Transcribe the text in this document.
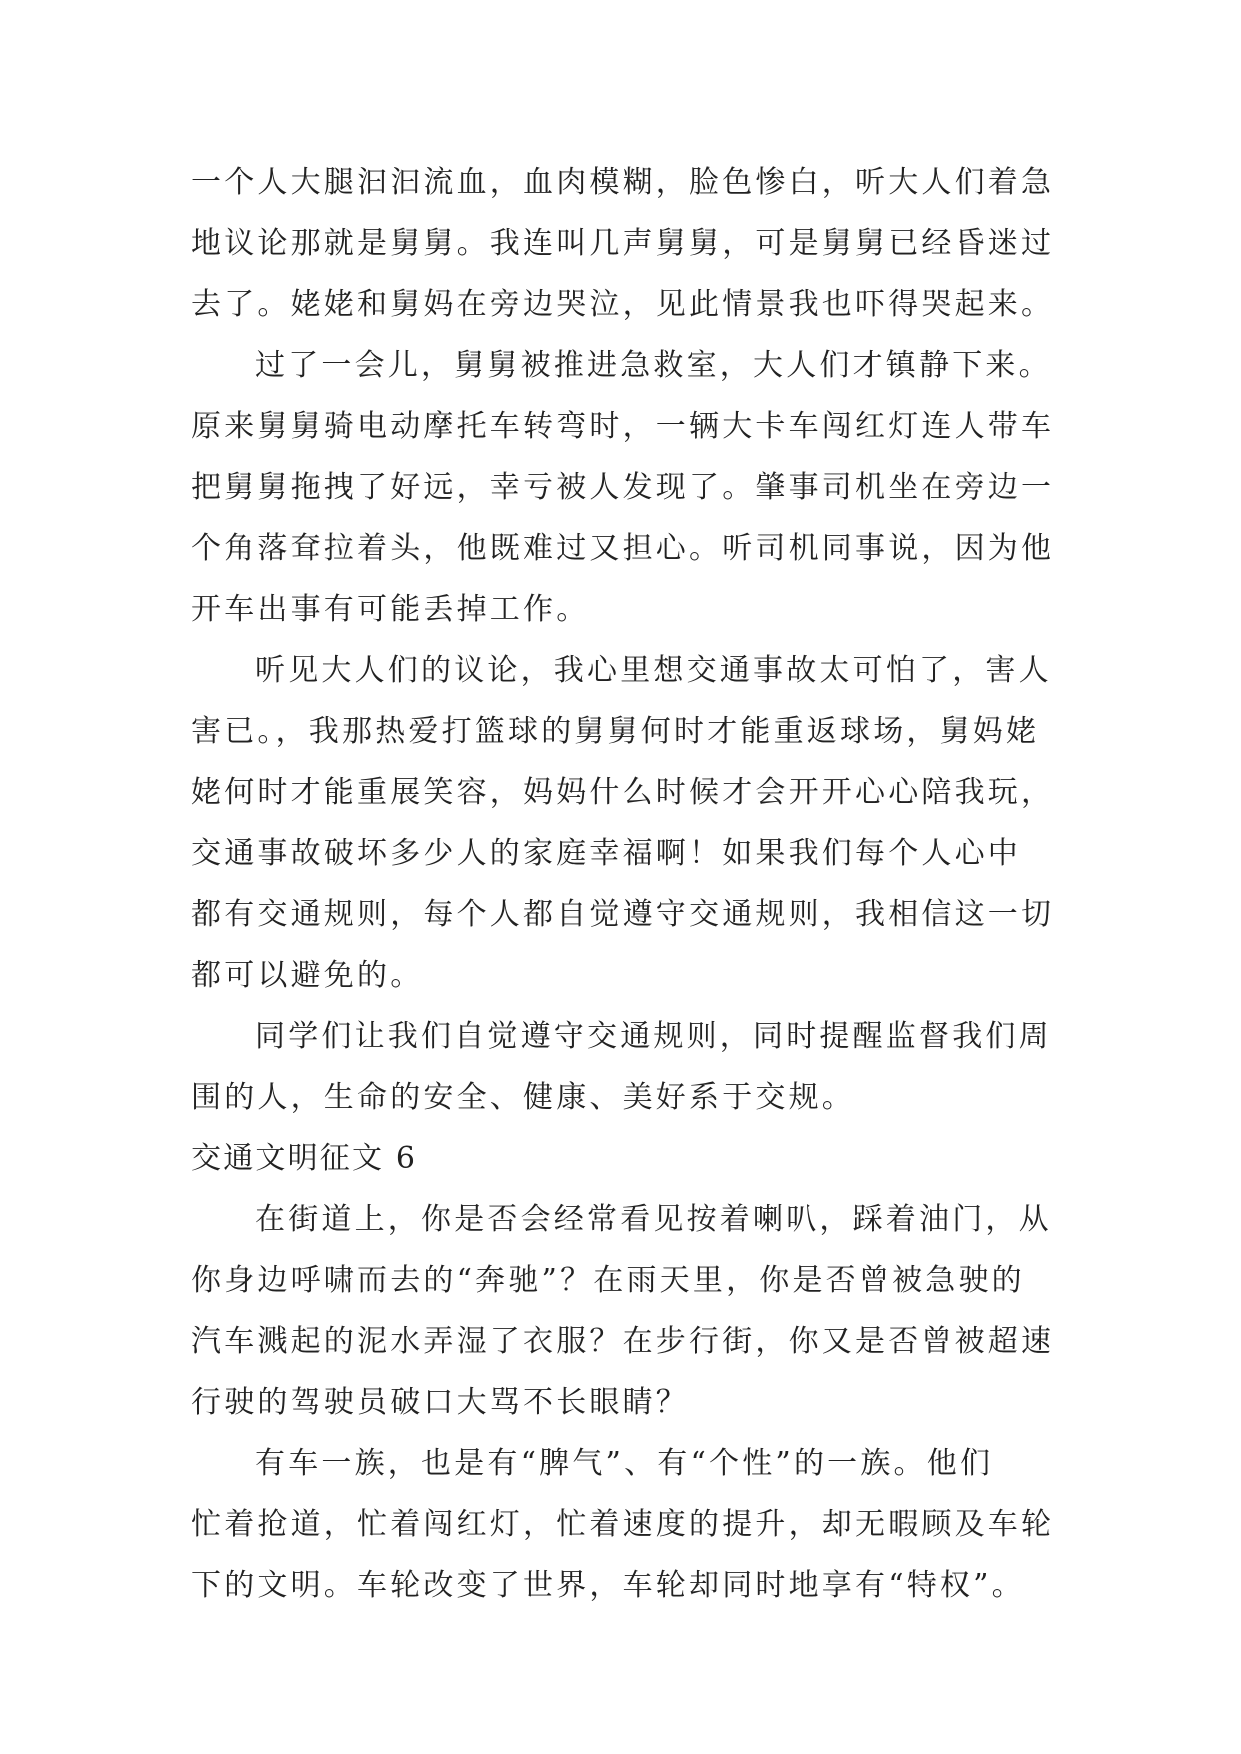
一个人大腿汩汩流血，血肉模糊，脸色惨白，听大人们着急
地议论那就是舅舅。我连叫几声舅舅，可是舅舅已经昏迷过
去了。姥姥和舅妈在旁边哭泣，见此情景我也吓得哭起来。
过了一会儿，舅舅被推进急救室，大人们才镇静下来。
原来舅舅骑电动摩托车转弯时，一辆大卡车闯红灯连人带车
把舅舅拖拽了好远，幸亏被人发现了。肇事司机坐在旁边一
个角落耷拉着头，他既难过又担心。听司机同事说，因为他
开车出事有可能丢掉工作。
听见大人们的议论，我心里想交通事故太可怕了，害人
害已。，我那热爱打篮球的舅舅何时才能重返球场，舅妈姥
姥何时才能重展笑容，妈妈什么时候才会开开心心陪我玩，
交通事故破坏多少人的家庭幸福啊！如果我们每个人心中
都有交通规则，每个人都自觉遵守交通规则，我相信这一切
都可以避免的。
同学们让我们自觉遵守交通规则，同时提醒监督我们周
围的人，生命的安全、健康、美好系于交规。
交通文明征文 6
在街道上，你是否会经常看见按着喇叭，踩着油门，从
你身边呼啸而去的“奔驰”？在雨天里，你是否曾被急驶的
汽车溅起的泥水弄湿了衣服？在步行街，你又是否曾被超速
行驶的驾驶员破口大骂不长眼睛？
有车一族，也是有“脾气”、有“个性”的一族。他们
忙着抢道，忙着闯红灯，忙着速度的提升，却无暇顾及车轮
下的文明。车轮改变了世界，车轮却同时地享有“特权”。
